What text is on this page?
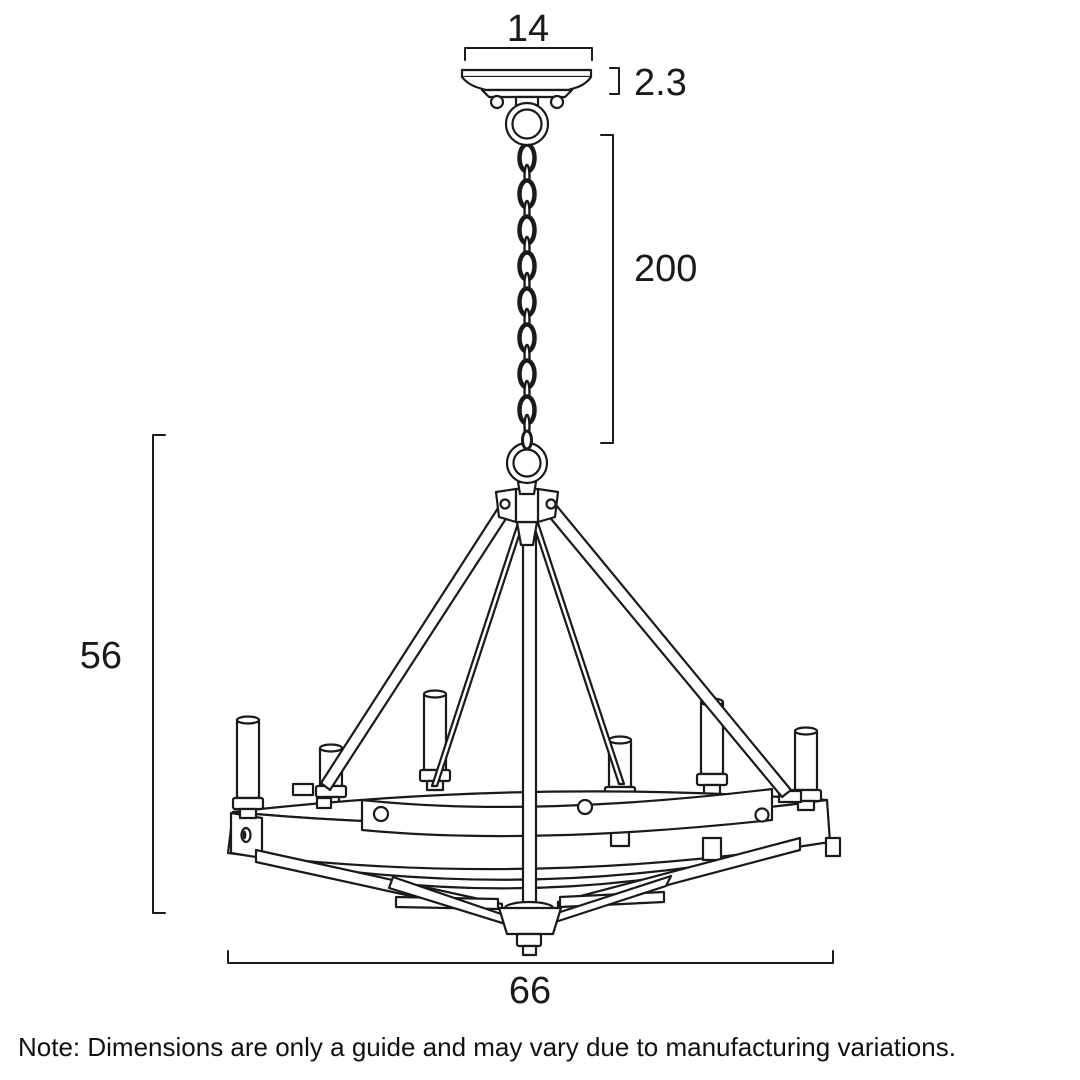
14
2.3
200
56
66
Note: Dimensions are only a guide and may vary due to manufacturing variations.
